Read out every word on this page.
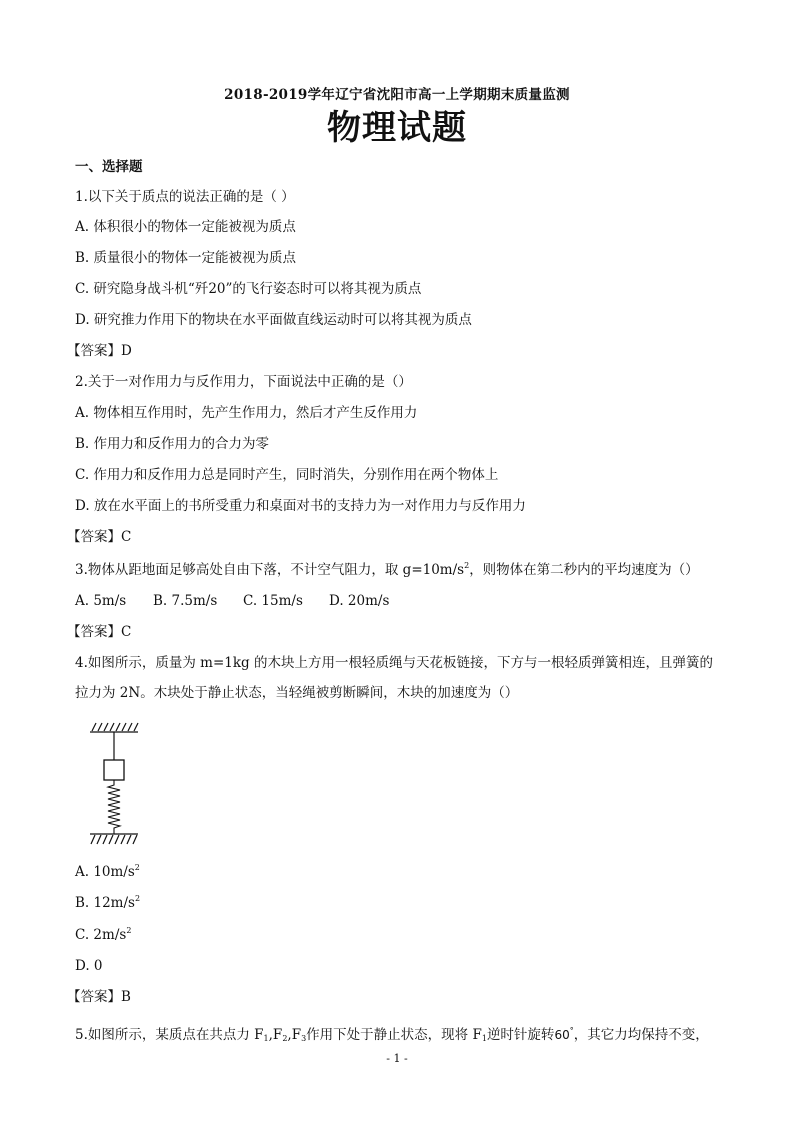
2018-2019学年辽宁省沈阳市高一上学期期末质量监测
物理试题
一、选择题
1.以下关于质点的说法正确的是（ ）
A. 体积很小的物体一定能被视为质点
B. 质量很小的物体一定能被视为质点
C. 研究隐身战斗机“歼20”的飞行姿态时可以将其视为质点
D. 研究推力作用下的物块在水平面做直线运动时可以将其视为质点
【答案】D
2.关于一对作用力与反作用力，下面说法中正确的是（）
A. 物体相互作用时，先产生作用力，然后才产生反作用力
B. 作用力和反作用力的合力为零
C. 作用力和反作用力总是同时产生，同时消失，分别作用在两个物体上
D. 放在水平面上的书所受重力和桌面对书的支持力为一对作用力与反作用力
【答案】C
3.物体从距地面足够高处自由下落，不计空气阻力，取 $g=10m/s^2$，则物体在第二秒内的平均速度为（）
A. 5m/s B. 7.5m/s C. 15m/s D. 20m/s
【答案】C
4.如图所示，质量为 m=1kg 的木块上方用一根轻质绳与天花板链接，下方与一根轻质弹簧相连，且弹簧的
拉力为 2N。木块处于静止状态，当轻绳被剪断瞬间，木块的加速度为（）
A. $10m/s^2$
B. $12m/s^2$
C. $2m/s^2$
D. 0
【答案】B
5.如图所示，某质点在共点力 $F_1,F_2,F_3$作用下处于静止状态，现将 $F_1$逆时针旋转60°，其它力均保持不变，
- 1 -
